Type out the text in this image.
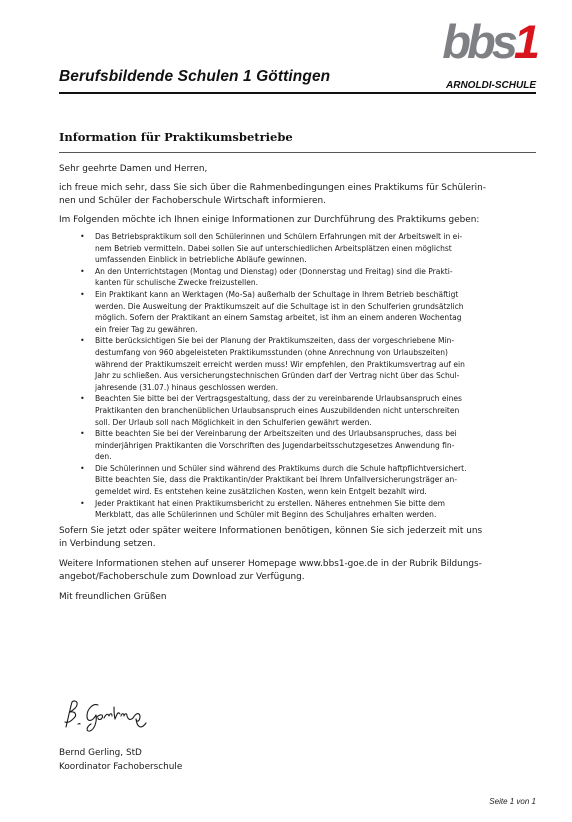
Berufsbildende Schulen 1 Göttingen
bbs1
ARNOLDI-SCHULE
Information für Praktikumsbetriebe

Sehr geehrte Damen und Herren,

ich freue mich sehr, dass Sie sich über die Rahmenbedingungen eines Praktikums für Schülerin-
nen und Schüler der Fachoberschule Wirtschaft informieren.

Im Folgenden möchte ich Ihnen einige Informationen zur Durchführung des Praktikums geben:

• Das Betriebspraktikum soll den Schülerinnen und Schülern Erfahrungen mit der Arbeitswelt in ei-
nem Betrieb vermitteln. Dabei sollen Sie auf unterschiedlichen Arbeitsplätzen einen möglichst
umfassenden Einblick in betriebliche Abläufe gewinnen.
• An den Unterrichtstagen (Montag und Dienstag) oder (Donnerstag und Freitag) sind die Prakti-
kanten für schulische Zwecke freizustellen.
• Ein Praktikant kann an Werktagen (Mo-Sa) außerhalb der Schultage in Ihrem Betrieb beschäftigt
werden. Die Ausweitung der Praktikumszeit auf die Schultage ist in den Schulferien grundsätzlich
möglich. Sofern der Praktikant an einem Samstag arbeitet, ist ihm an einem anderen Wochentag
ein freier Tag zu gewähren.
• Bitte berücksichtigen Sie bei der Planung der Praktikumszeiten, dass der vorgeschriebene Min-
destumfang von 960 abgeleisteten Praktikumsstunden (ohne Anrechnung von Urlaubszeiten)
während der Praktikumszeit erreicht werden muss! Wir empfehlen, den Praktikumsvertrag auf ein
Jahr zu schließen. Aus versicherungstechnischen Gründen darf der Vertrag nicht über das Schul-
jahresende (31.07.) hinaus geschlossen werden.
• Beachten Sie bitte bei der Vertragsgestaltung, dass der zu vereinbarende Urlaubsanspruch eines
Praktikanten den branchenüblichen Urlaubsanspruch eines Auszubildenden nicht unterschreiten
soll. Der Urlaub soll nach Möglichkeit in den Schulferien gewährt werden.
• Bitte beachten Sie bei der Vereinbarung der Arbeitszeiten und des Urlaubsanspruches, dass bei
minderjährigen Praktikanten die Vorschriften des Jugendarbeitsschutzgesetzes Anwendung fin-
den.
• Die Schülerinnen und Schüler sind während des Praktikums durch die Schule haftpflichtversichert.
Bitte beachten Sie, dass die Praktikantin/der Praktikant bei Ihrem Unfallversicherungsträger an-
gemeldet wird. Es entstehen keine zusätzlichen Kosten, wenn kein Entgelt bezahlt wird.
• Jeder Praktikant hat einen Praktikumsbericht zu erstellen. Näheres entnehmen Sie bitte dem
Merkblatt, das alle Schülerinnen und Schüler mit Beginn des Schuljahres erhalten werden.

Sofern Sie jetzt oder später weitere Informationen benötigen, können Sie sich jederzeit mit uns
in Verbindung setzen.

Weitere Informationen stehen auf unserer Homepage www.bbs1-goe.de in der Rubrik Bildungs-
angebot/Fachoberschule zum Download zur Verfügung.

Mit freundlichen Grüßen

Bernd Gerling, StD
Koordinator Fachoberschule
Seite 1 von 1
